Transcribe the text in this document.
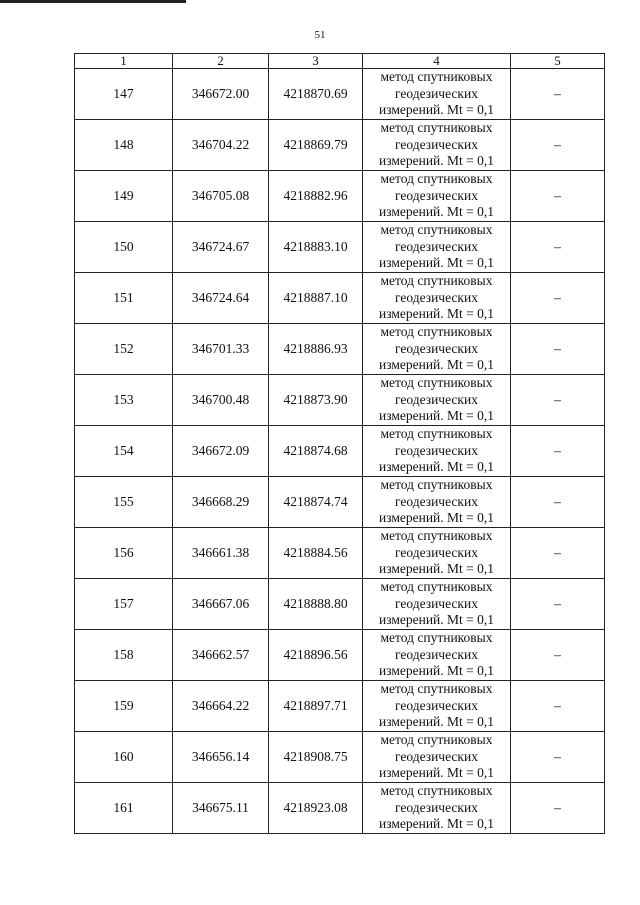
51
1	2	3	4	5
147	346672.00	4218870.69	метод спутниковых
геодезических
измерений. Mt = 0,1	–
148	346704.22	4218869.79	метод спутниковых
геодезических
измерений. Mt = 0,1	–
149	346705.08	4218882.96	метод спутниковых
геодезических
измерений. Mt = 0,1	–
150	346724.67	4218883.10	метод спутниковых
геодезических
измерений. Mt = 0,1	–
151	346724.64	4218887.10	метод спутниковых
геодезических
измерений. Mt = 0,1	–
152	346701.33	4218886.93	метод спутниковых
геодезических
измерений. Mt = 0,1	–
153	346700.48	4218873.90	метод спутниковых
геодезических
измерений. Mt = 0,1	–
154	346672.09	4218874.68	метод спутниковых
геодезических
измерений. Mt = 0,1	–
155	346668.29	4218874.74	метод спутниковых
геодезических
измерений. Mt = 0,1	–
156	346661.38	4218884.56	метод спутниковых
геодезических
измерений. Mt = 0,1	–
157	346667.06	4218888.80	метод спутниковых
геодезических
измерений. Mt = 0,1	–
158	346662.57	4218896.56	метод спутниковых
геодезических
измерений. Mt = 0,1	–
159	346664.22	4218897.71	метод спутниковых
геодезических
измерений. Mt = 0,1	–
160	346656.14	4218908.75	метод спутниковых
геодезических
измерений. Mt = 0,1	–
161	346675.11	4218923.08	метод спутниковых
геодезических
измерений. Mt = 0,1	–
